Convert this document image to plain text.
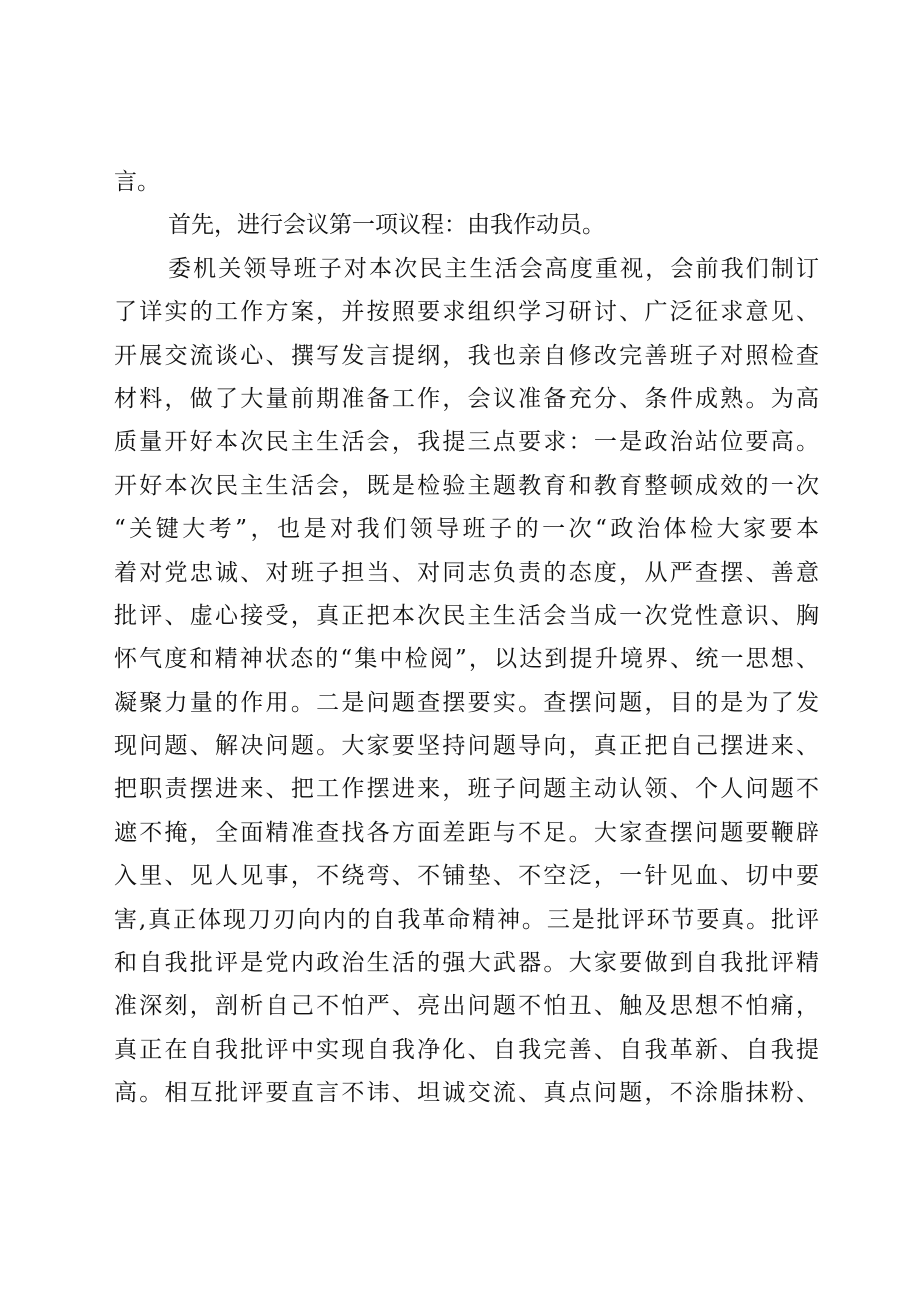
言。
首先，进行会议第一项议程：由我作动员。
委机关领导班子对本次民主生活会高度重视，会前我们制订
了详实的工作方案，并按照要求组织学习研讨、广泛征求意见、
开展交流谈心、撰写发言提纲，我也亲自修改完善班子对照检查
材料，做了大量前期准备工作，会议准备充分、条件成熟。为高
质量开好本次民主生活会，我提三点要求：一是政治站位要高。
开好本次民主生活会，既是检验主题教育和教育整顿成效的一次
“关键大考”，也是对我们领导班子的一次“政治体检大家要本
着对党忠诚、对班子担当、对同志负责的态度，从严查摆、善意
批评、虚心接受，真正把本次民主生活会当成一次党性意识、胸
怀气度和精神状态的“集中检阅”，以达到提升境界、统一思想、
凝聚力量的作用。二是问题查摆要实。查摆问题，目的是为了发
现问题、解决问题。大家要坚持问题导向，真正把自己摆进来、
把职责摆进来、把工作摆进来，班子问题主动认领、个人问题不
遮不掩，全面精准查找各方面差距与不足。大家查摆问题要鞭辟
入里、见人见事，不绕弯、不铺垫、不空泛，一针见血、切中要
害,真正体现刀刃向内的自我革命精神。三是批评环节要真。批评
和自我批评是党内政治生活的强大武器。大家要做到自我批评精
准深刻，剖析自己不怕严、亮出问题不怕丑、触及思想不怕痛，
真正在自我批评中实现自我净化、自我完善、自我革新、自我提
高。相互批评要直言不讳、坦诚交流、真点问题，不涂脂抹粉、
